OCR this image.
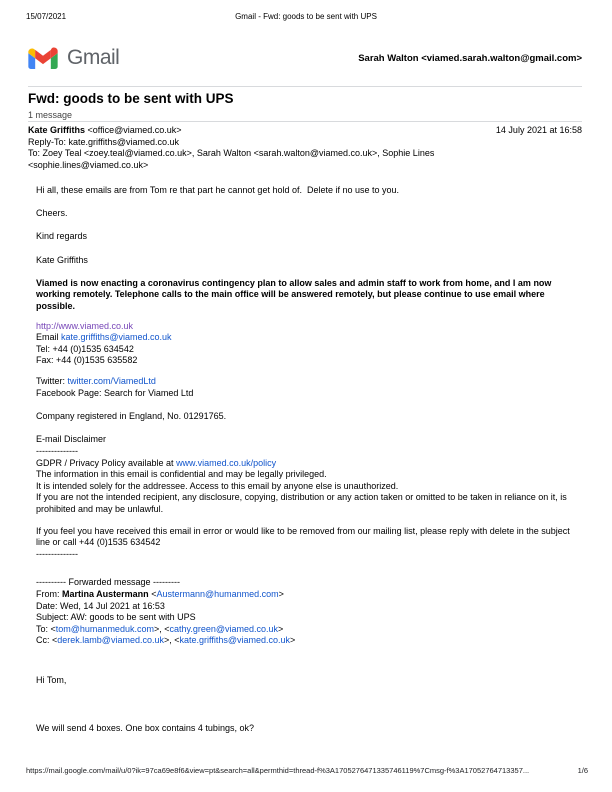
Gmail - Fwd: goods to be sent with UPS
15/07/2021
Gmail	Sarah Walton <viamed.sarah.walton@gmail.com>
Fwd: goods to be sent with UPS
1 message
Kate Griffiths <office@viamed.co.uk>	14 July 2021 at 16:58
Reply-To: kate.griffiths@viamed.co.uk
To: Zoey Teal <zoey.teal@viamed.co.uk>, Sarah Walton <sarah.walton@viamed.co.uk>, Sophie Lines <sophie.lines@viamed.co.uk>
Hi all, these emails are from Tom re that part he cannot get hold of.  Delete if no use to you.
Cheers.
Kind regards
Kate Griffiths
Viamed is now enacting a coronavirus contingency plan to allow sales and admin staff to work from home, and I am now working remotely. Telephone calls to the main office will be answered remotely, but please continue to use email where possible.
http://www.viamed.co.uk
Email kate.griffiths@viamed.co.uk
Tel: +44 (0)1535 634542
Fax: +44 (0)1535 635582
Twitter: twitter.com/ViamedLtd
Facebook Page: Search for Viamed Ltd
Company registered in England, No. 01291765.
E-mail Disclaimer
--------------
GDPR / Privacy Policy available at www.viamed.co.uk/policy
The information in this email is confidential and may be legally privileged.
It is intended solely for the addressee. Access to this email by anyone else is unauthorized.
If you are not the intended recipient, any disclosure, copying, distribution or any action taken or omitted to be taken in reliance on it, is prohibited and may be unlawful.
If you feel you have received this email in error or would like to be removed from our mailing list, please reply with delete in the subject line or call +44 (0)1535 634542
--------------
---------- Forwarded message ---------
From: Martina Austermann <Austermann@humanmed.com>
Date: Wed, 14 Jul 2021 at 16:53
Subject: AW: goods to be sent with UPS
To: <tom@humanmeduk.com>, <cathy.green@viamed.co.uk>
Cc: <derek.lamb@viamed.co.uk>, <kate.griffiths@viamed.co.uk>
Hi Tom,
We will send 4 boxes. One box contains 4 tubings, ok?
https://mail.google.com/mail/u/0?ik=97ca69e8f6&view=pt&search=all&permthid=thread-f%3A1705276471335746119%7Cmsg-f%3A17052764713357...	1/6
